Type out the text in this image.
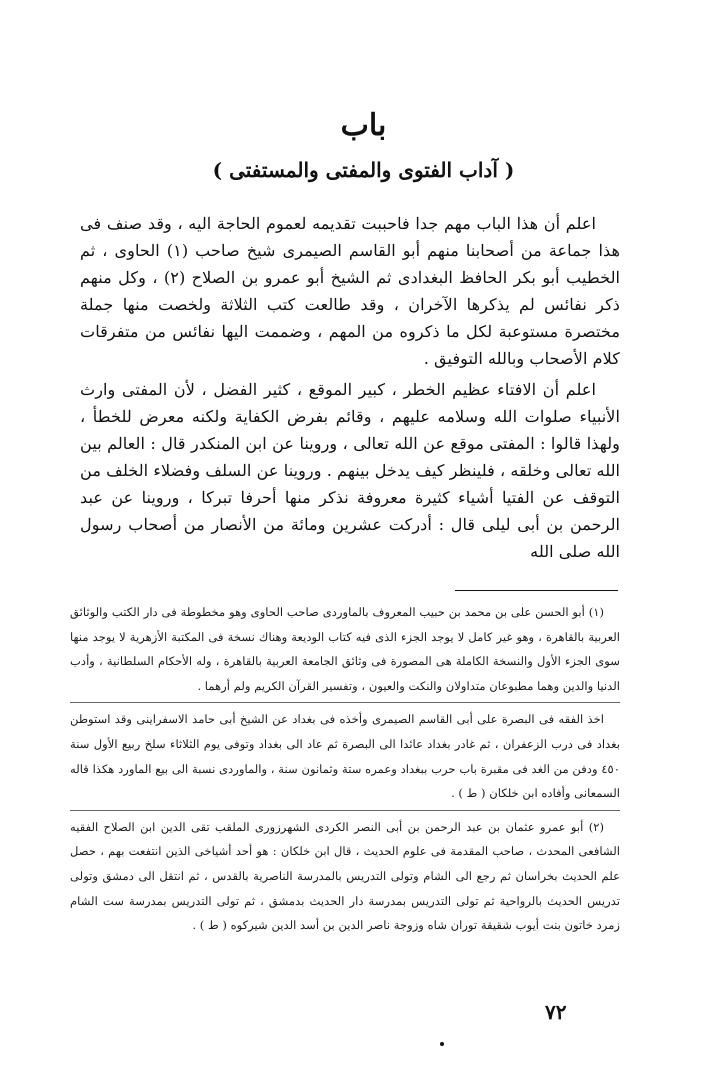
باب
( آداب الفتوى والمفتى والمستفتى )

اعلم أن هذا الباب مهم جدا فاحببت تقديمه لعموم الحاجة اليه ، وقد صنف فى هذا جماعة من أصحابنا منهم أبو القاسم الصيمرى شيخ صاحب (١) الحاوى ، ثم الخطيب أبو بكر الحافظ البغدادى ثم الشيخ أبو عمرو بن الصلاح (٢) ، وكل منهم ذكر نفائس لم يذكرها الآخران ، وقد طالعت كتب الثلاثة ولخصت منها جملة مختصرة مستوعبة لكل ما ذكروه من المهم ، وضممت اليها نفائس من متفرقات كلام الأصحاب وبالله التوفيق .

اعلم أن الافتاء عظيم الخطر ، كبير الموقع ، كثير الفضل ، لأن المفتى وارث الأنبياء صلوات الله وسلامه عليهم ، وقائم بفرض الكفاية ولكنه معرض للخطأ ، ولهذا قالوا : المفتى موقع عن الله تعالى ، وروينا عن ابن المنكدر قال : العالم بين الله تعالى وخلقه ، فلينظر كيف يدخل بينهم . وروينا عن السلف وفضلاء الخلف من التوقف عن الفتيا أشياء كثيرة معروفة نذكر منها أحرفا تبركا ، وروينا عن عبد الرحمن بن أبى ليلى قال : أدركت عشرين ومائة من الأنصار من أصحاب رسول الله صلى الله

(١) أبو الحسن على بن محمد بن حبيب المعروف بالماوردى صاحب الحاوى وهو مخطوطة فى دار الكتب والوثائق العربية بالقاهرة ، وهو غير كامل لا يوجد الجزء الذى فيه كتاب الوديعة وهناك نسخة فى المكتبة الأزهرية لا يوجد منها سوى الجزء الأول والنسخة الكاملة هى المصورة فى وثائق الجامعة العربية بالقاهرة ، وله الأحكام السلطانية ، وأدب الدنيا والدين وهما مطبوعان متداولان والنكت والعيون ، وتفسير القرآن الكريم ولم أرهما .

اخذ الفقه فى البصرة على أبى القاسم الصيمرى وأخذه فى بغداد عن الشيخ أبى حامد الاسفراينى وقد استوطن بغداد فى درب الزعفران ، ثم غادر بغداد عائدا الى البصرة ثم عاد الى بغداد وتوفى يوم الثلاثاء سلخ ربيع الأول سنة ٤٥٠ ودفن من الغد فى مقبرة باب حرب ببغداد وعمره ستة وثمانون سنة ، والماوردى نسبة الى بيع الماورد هكذا قاله السمعانى وأفاده ابن خلكان ( ط ) .

(٢) أبو عمرو عثمان بن عبد الرحمن بن أبى النصر الكردى الشهرزورى الملقب تقى الدين ابن الصلاح الفقيه الشافعى المحدث ، صاحب المقدمة فى علوم الحديث ، قال ابن خلكان : هو أحد أشياخى الذين انتفعت بهم ، حصل علم الحديث بخراسان ثم رجع الى الشام وتولى التدريس بالمدرسة الناصرية بالقدس ، ثم انتقل الى دمشق وتولى تدريس الحديث بالرواحية ثم تولى التدريس بمدرسة دار الحديث بدمشق ، ثم تولى التدريس بمدرسة ست الشام زمرد خاتون بنت أيوب شقيقة توران شاه وزوجة ناصر الدين بن أسد الدين شيركوه ( ط ) .

٧٢
